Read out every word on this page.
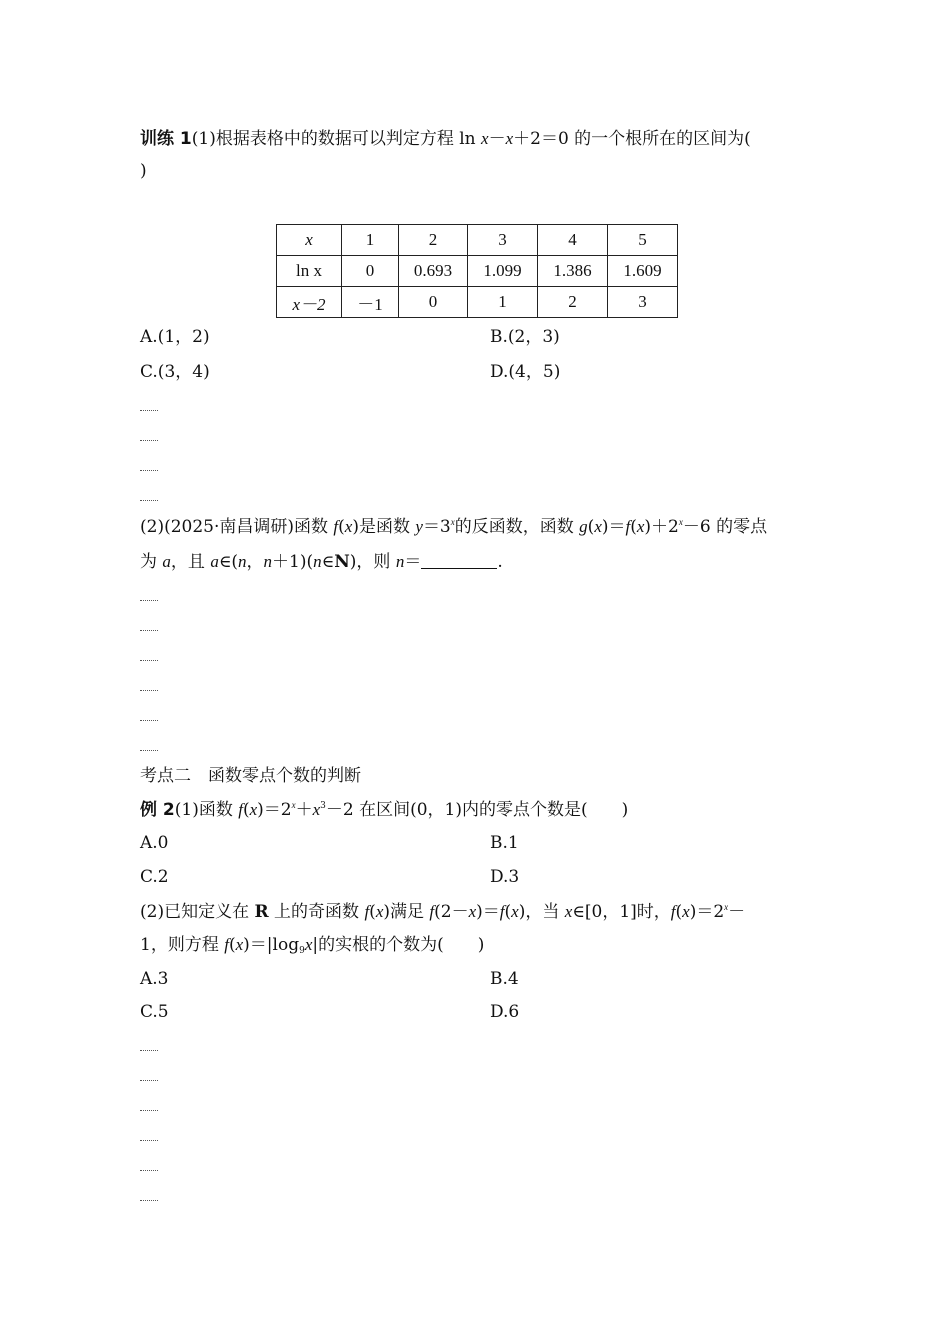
训练 1(1)根据表格中的数据可以判定方程 ln x－x＋2＝0 的一个根所在的区间为(
)
x	1	2	3	4	5
ln x	0	0.693	1.099	1.386	1.609
x－2	－1	0	1	2	3
A.(1，2)	B.(2，3)
C.(3，4)	D.(4，5)
(2)(2025·南昌调研)函数 f(x)是函数 $y=3^x$的反函数，函数 $g(x)=f(x)+2^x-6$ 的零点
为 a，且 a∈(n，n＋1)(n∈N)，则 n＝	.
考点二　函数零点个数的判断
例 2(1)函数 $f(x)=2^x+x^3-2$ 在区间(0，1)内的零点个数是(　　)
A.0	B.1
C.2	D.3
(2)已知定义在 R 上的奇函数 f(x)满足 f(2－x)＝f(x)，当 x∈[0，1]时，$f(x)=2^x-$
1，则方程 $f(x)=|\log_9x|$的实根的个数为(　　)
A.3	B.4
C.5	D.6
